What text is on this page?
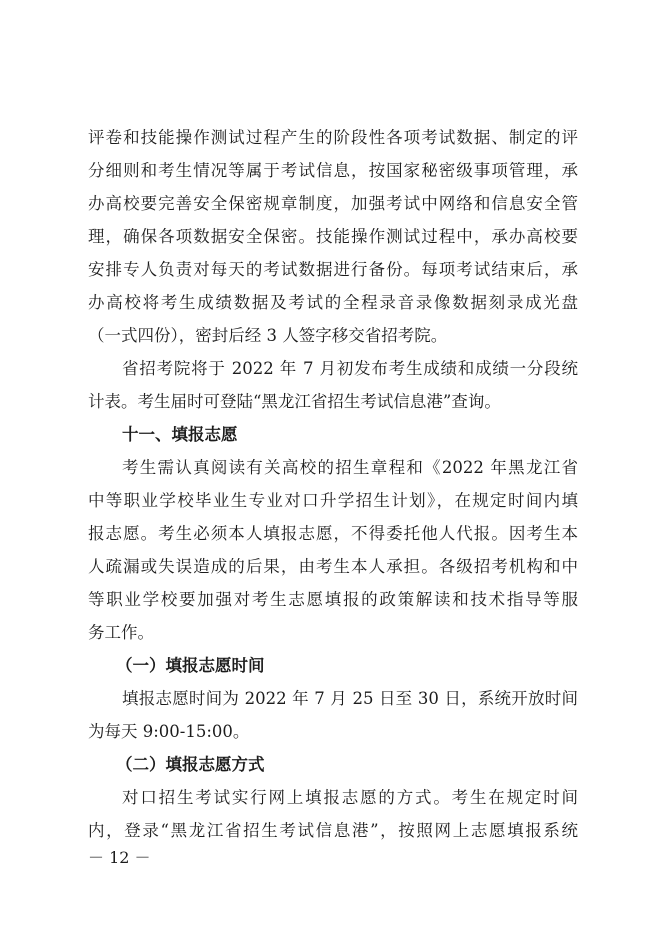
评卷和技能操作测试过程产生的阶段性各项考试数据、制定的评
分细则和考生情况等属于考试信息，按国家秘密级事项管理，承
办高校要完善安全保密规章制度，加强考试中网络和信息安全管
理，确保各项数据安全保密。技能操作测试过程中，承办高校要
安排专人负责对每天的考试数据进行备份。每项考试结束后，承
办高校将考生成绩数据及考试的全程录音录像数据刻录成光盘
（一式四份），密封后经 3 人签字移交省招考院。
省招考院将于 2022 年 7 月初发布考生成绩和成绩一分段统
计表。考生届时可登陆“黑龙江省招生考试信息港”查询。
十一、填报志愿
考生需认真阅读有关高校的招生章程和《2022 年黑龙江省
中等职业学校毕业生专业对口升学招生计划》，在规定时间内填
报志愿。考生必须本人填报志愿，不得委托他人代报。因考生本
人疏漏或失误造成的后果，由考生本人承担。各级招考机构和中
等职业学校要加强对考生志愿填报的政策解读和技术指导等服
务工作。
（一）填报志愿时间
填报志愿时间为 2022 年 7 月 25 日至 30 日，系统开放时间
为每天 9:00-15:00。
（二）填报志愿方式
对口招生考试实行网上填报志愿的方式。考生在规定时间
内，登录“黑龙江省招生考试信息港”，按照网上志愿填报系统
－ 12 －
